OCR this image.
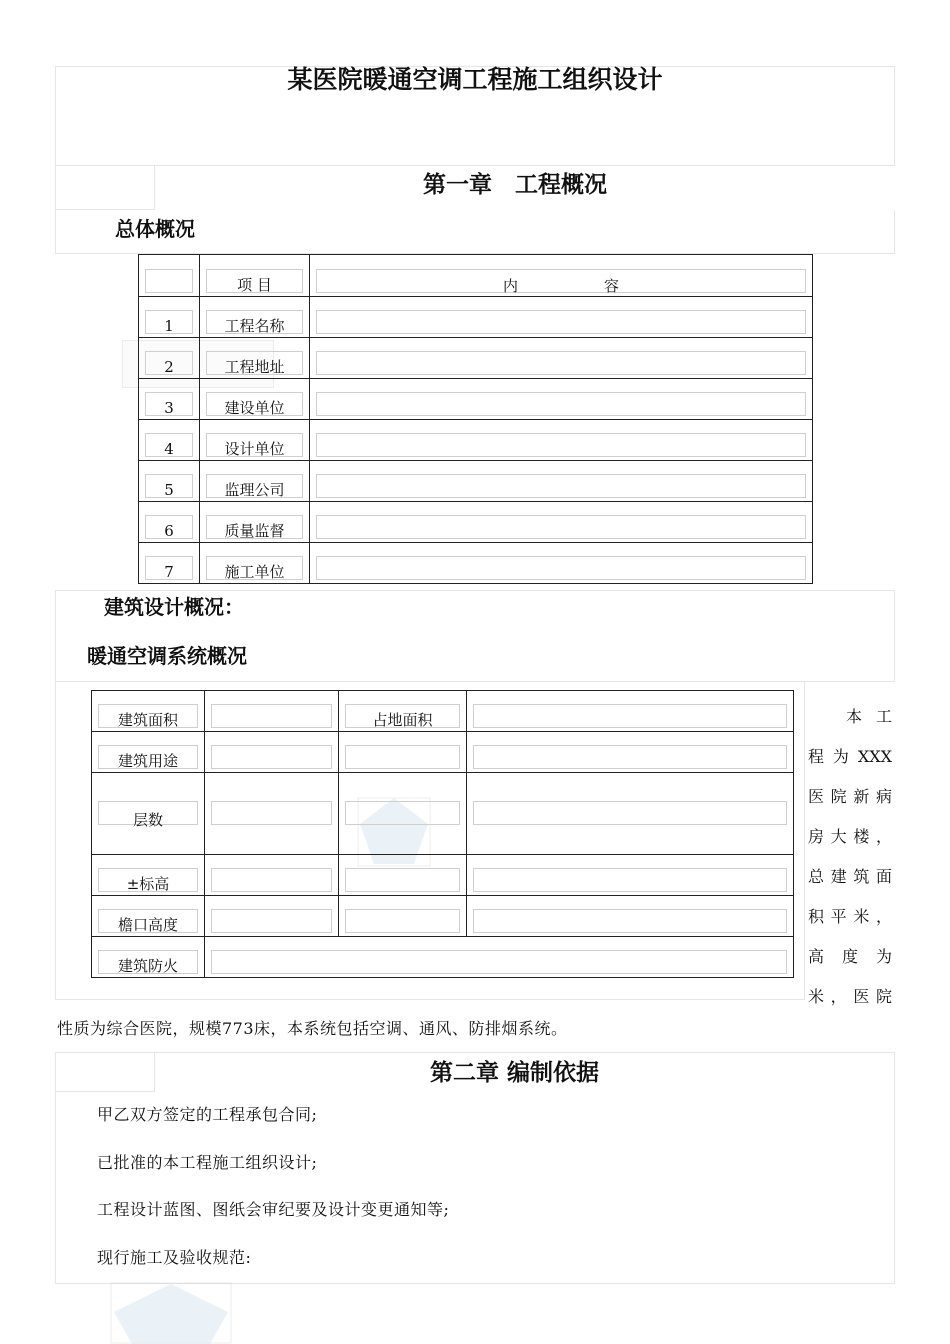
某医院暖通空调工程施工组织设计
第一章　工程概况
总体概况

	项 目	内 容

1	工程名称	

2	工程地址	

3	建设单位	

4	设计单位	

5	监理公司	

6	质量监督	

7	施工单位	

建筑设计概况：
暖通空调系统概况
建筑面积		占地面积	

建筑用途			

层数			

±标高			

檐口高度			

建筑防火			

本 工
程 为 XXX
医院新病
房大楼，
总建筑面
积平米，
高 度 为
米，医院
性质为综合医院，规模773床，本系统包括空调、通风、防排烟系统。
第二章 编制依据
甲乙双方签定的工程承包合同;
已批准的本工程施工组织设计;
工程设计蓝图、图纸会审纪要及设计变更通知等;
现行施工及验收规范:
